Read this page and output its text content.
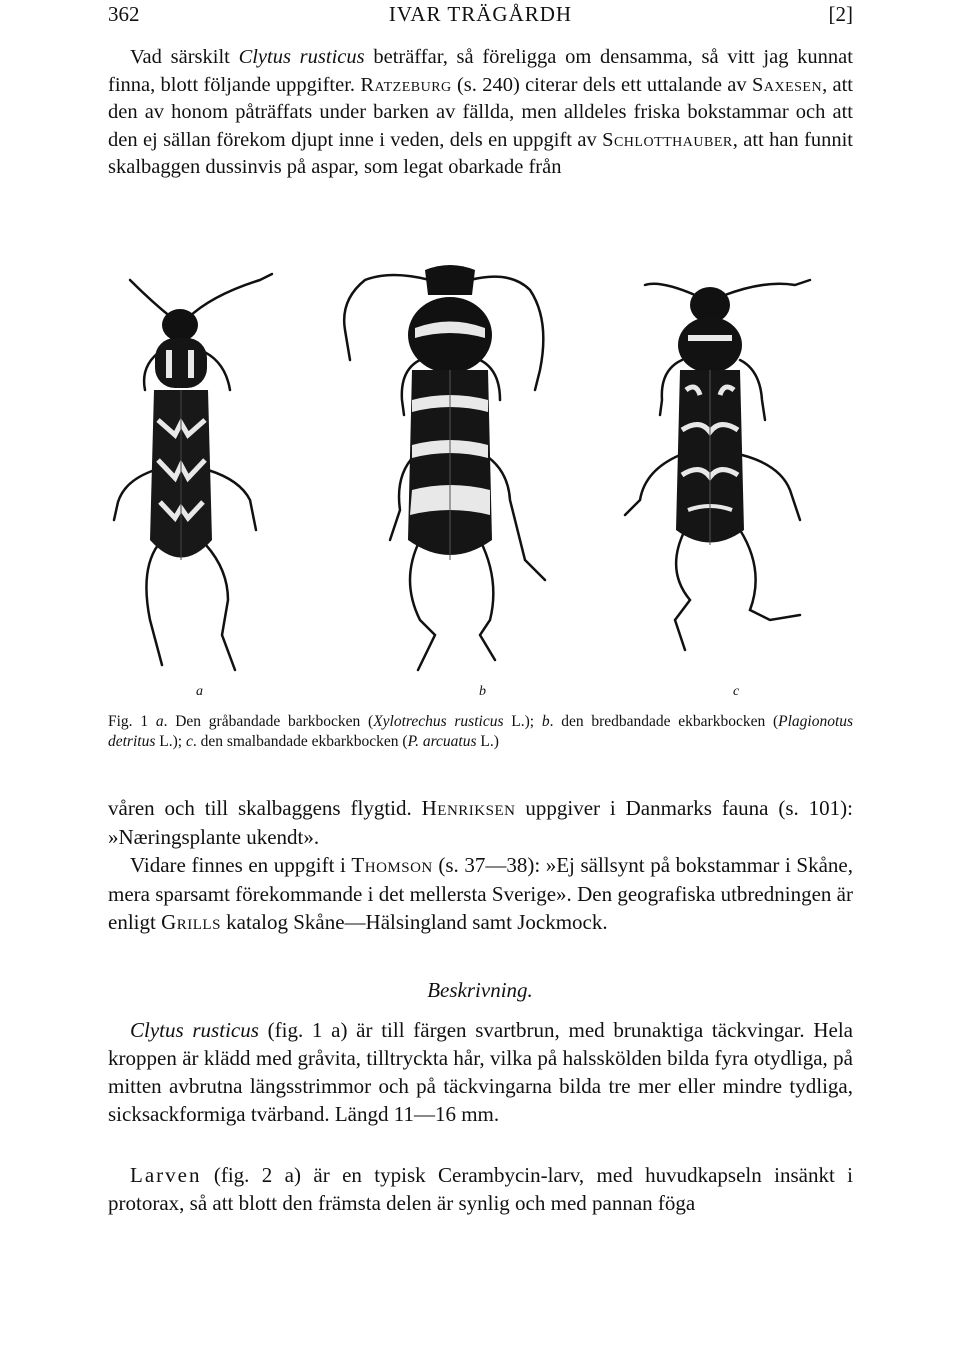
362	IVAR TRÄGÅRDH	[2]

Vad särskilt Clytus rusticus beträffar, så föreligga om densamma, så vitt jag kunnat finna, blott följande uppgifter. Ratzeburg (s. 240) citerar dels ett uttalande av Saxesen, att den av honom påträffats under barken av fällda, men alldeles friska bokstammar och att den ej sällan förekom djupt inne i veden, dels en uppgift av Schlotthauber, att han funnit skalbaggen dussinvis på aspar, som legat obarkade från

a	b	c

Fig. 1 a. Den gråbandade barkbocken (Xylotrechus rusticus L.); b. den bredbandade ekbarkbocken (Plagionotus detritus L.); c. den smalbandade ekbarkbocken (P. arcuatus L.)

våren och till skalbaggens flygtid. Henriksen uppgiver i Danmarks fauna (s. 101): »Næringsplante ukendt».
Vidare finnes en uppgift i Thomson (s. 37—38): »Ej sällsynt på bokstammar i Skåne, mera sparsamt förekommande i det mellersta Sverige». Den geografiska utbredningen är enligt Grills katalog Skåne—Hälsingland samt Jockmock.
Beskrivning.

Clytus rusticus (fig. 1 a) är till färgen svartbrun, med brunaktiga täckvingar. Hela kroppen är klädd med gråvita, tilltryckta hår, vilka på halsskölden bilda fyra otydliga, på mitten avbrutna längsstrimmor och på täckvingarna bilda tre mer eller mindre tydliga, sicksackformiga tvärband. Längd 11—16 mm.

Larven (fig. 2 a) är en typisk Cerambycin-larv, med huvudkapseln insänkt i protorax, så att blott den främsta delen är synlig och med pannan föga
